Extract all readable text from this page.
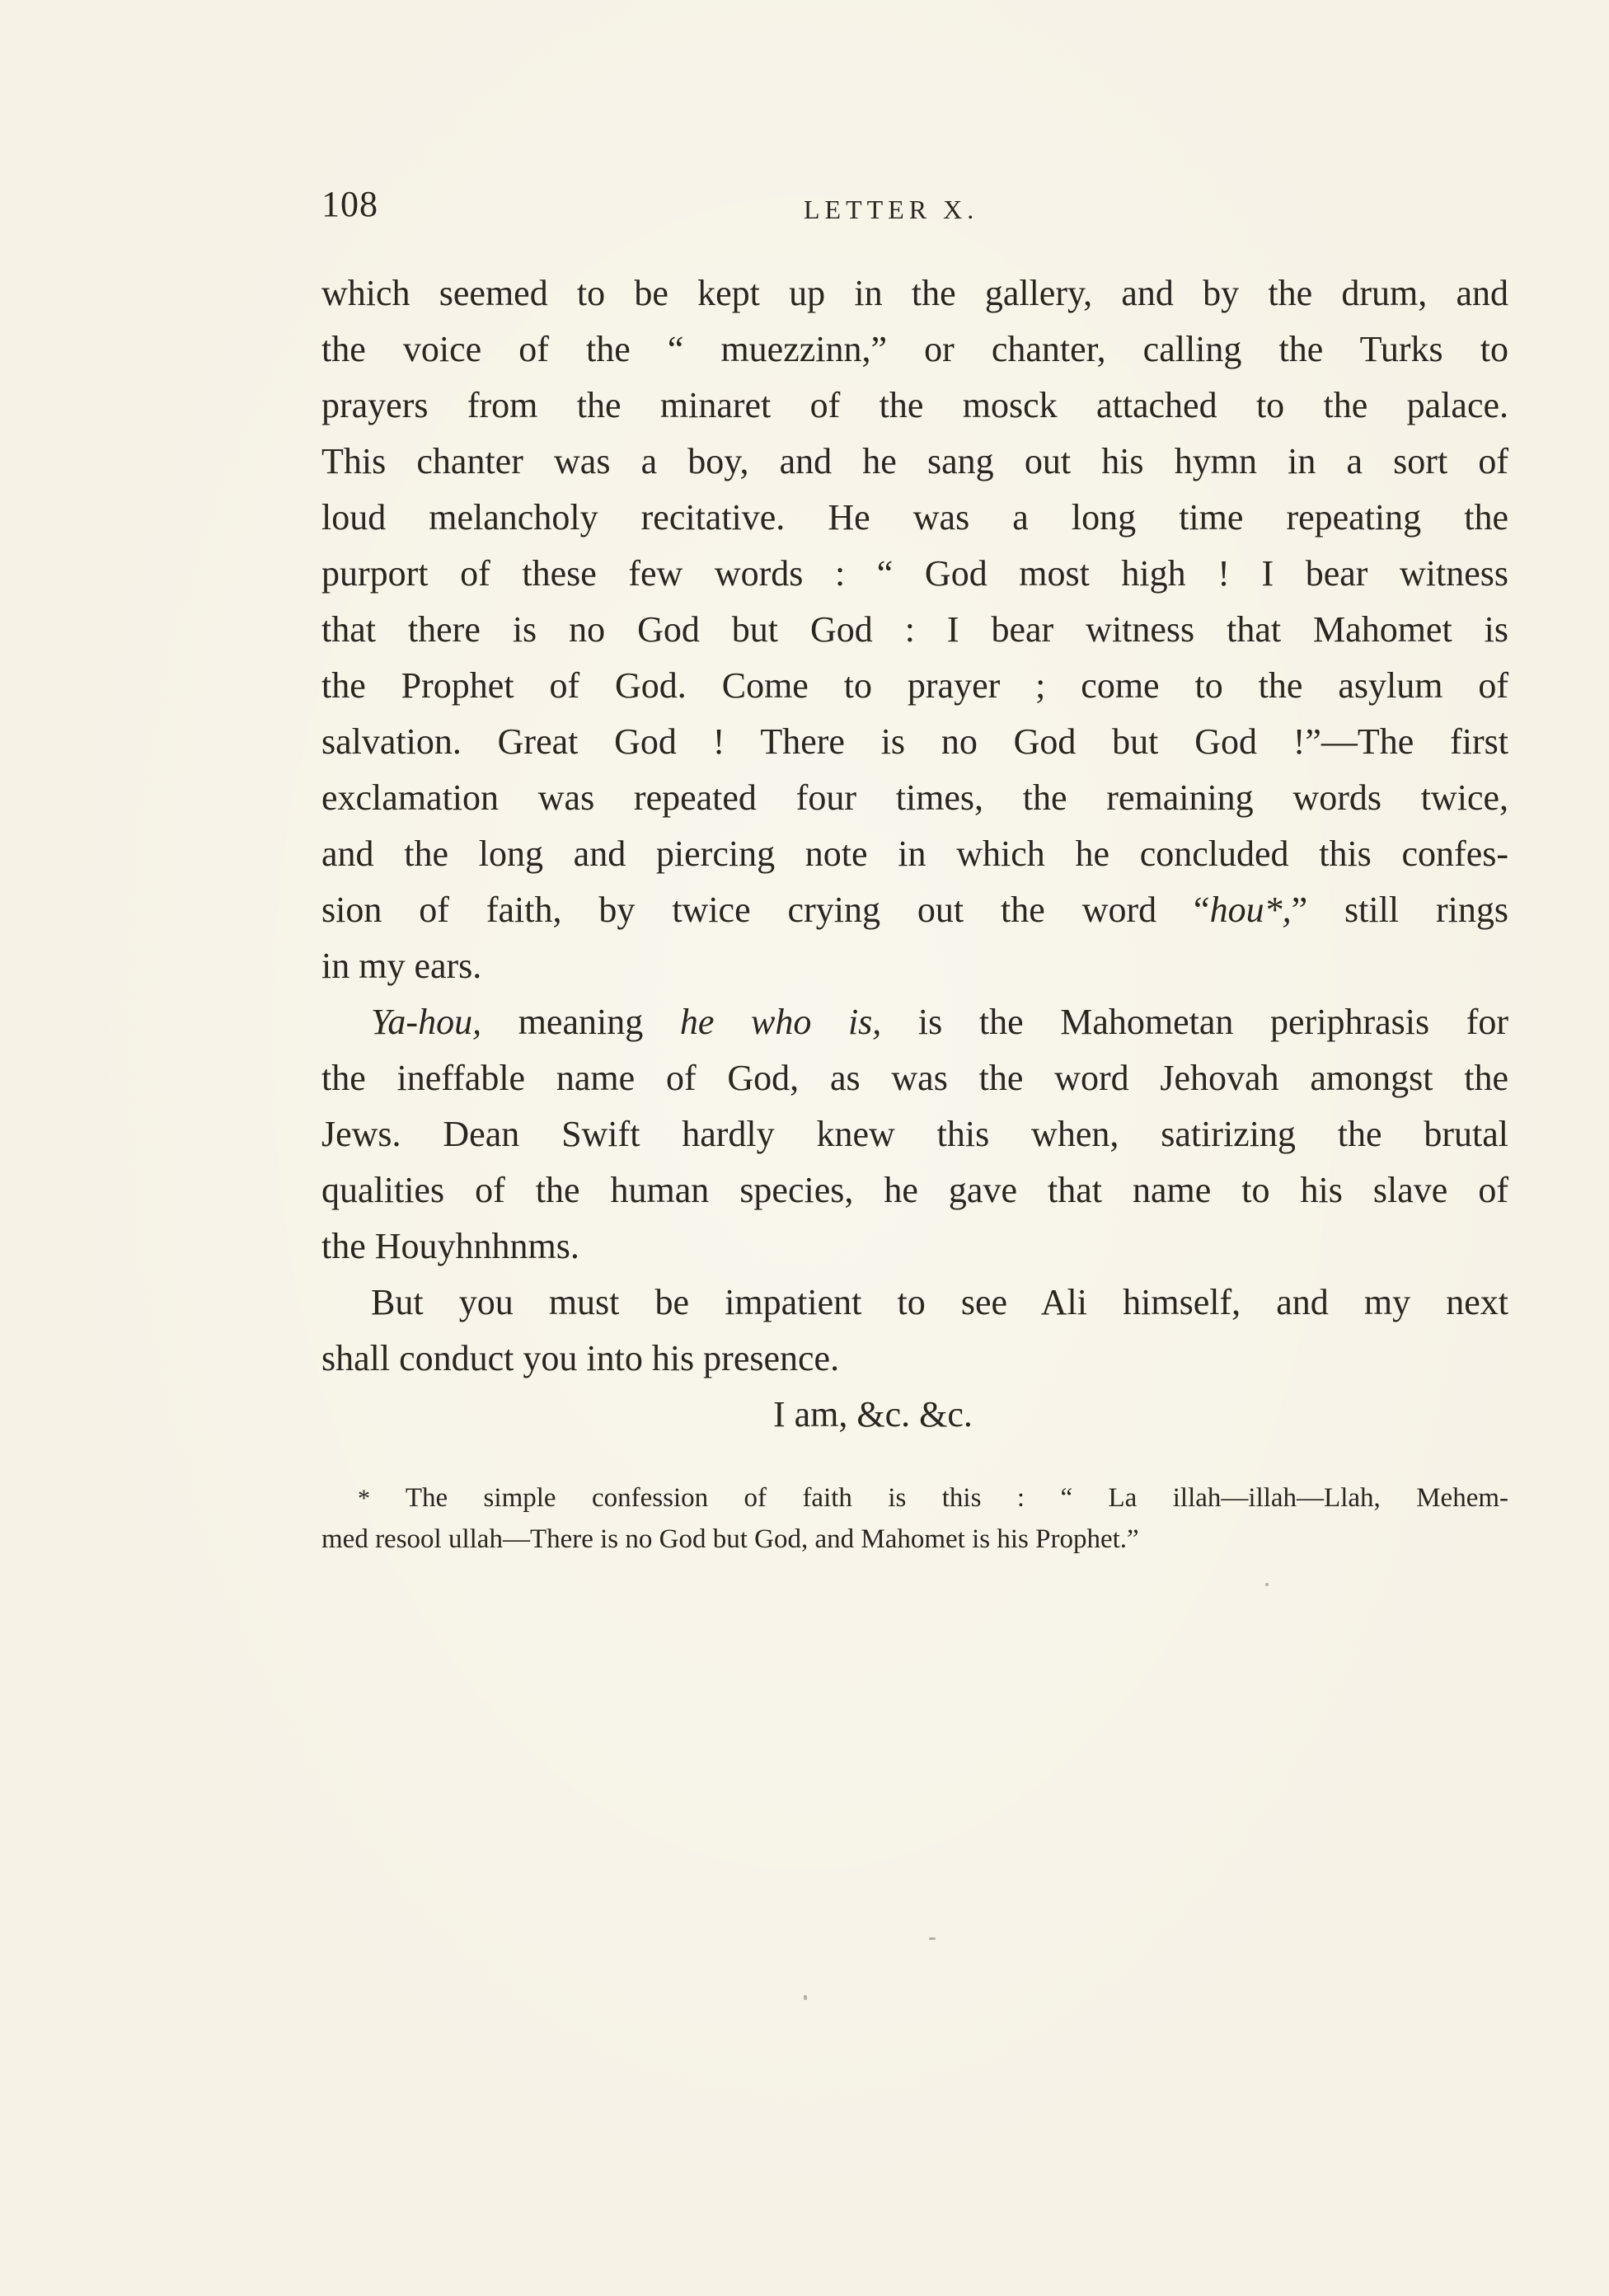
108	LETTER X.
which seemed to be kept up in the gallery, and by the drum, and
the voice of the “ muezzinn,” or chanter, calling the Turks to
prayers from the minaret of the mosck attached to the palace.
This chanter was a boy, and he sang out his hymn in a sort of
loud melancholy recitative. He was a long time repeating the
purport of these few words : “ God most high ! I bear witness
that there is no God but God : I bear witness that Mahomet is
the Prophet of God. Come to prayer ; come to the asylum of
salvation. Great God ! There is no God but God !”—The first
exclamation was repeated four times, the remaining words twice,
and the long and piercing note in which he concluded this confes-
sion of faith, by twice crying out the word “hou*,” still rings
in my ears.
Ya-hou, meaning he who is, is the Mahometan periphrasis for
the ineffable name of God, as was the word Jehovah amongst the
Jews. Dean Swift hardly knew this when, satirizing the brutal
qualities of the human species, he gave that name to his slave of
the Houyhnhnms.
But you must be impatient to see Ali himself, and my next
shall conduct you into his presence.
I am, &c. &c.
* The simple confession of faith is this : “ La illah—illah—Llah, Mehem-
med resool ullah—There is no God but God, and Mahomet is his Prophet.”
